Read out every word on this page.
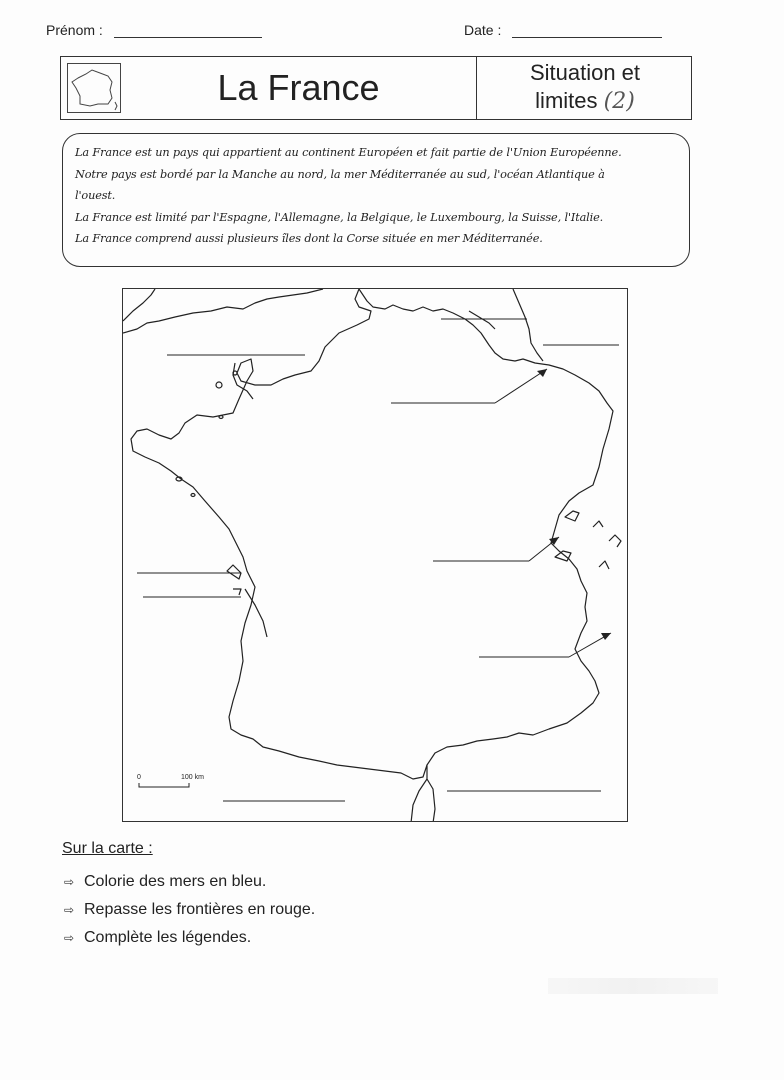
Prénom :	Date :
La France	Situation et
limites (2)

La France est un pays qui appartient au continent Européen et fait partie de l'Union Européenne.

Notre pays est bordé par la Manche au nord, la mer Méditerranée au sud, l'océan Atlantique à

l'ouest.

La France est limité par l'Espagne, l'Allemagne, la Belgique, le Luxembourg, la Suisse, l'Italie.

La France comprend aussi plusieurs îles dont la Corse située en mer Méditerranée.

0	100 km
Sur la carte :
⇨ Colorie des mers en bleu.
⇨ Repasse les frontières en rouge.
⇨ Complète les légendes.
